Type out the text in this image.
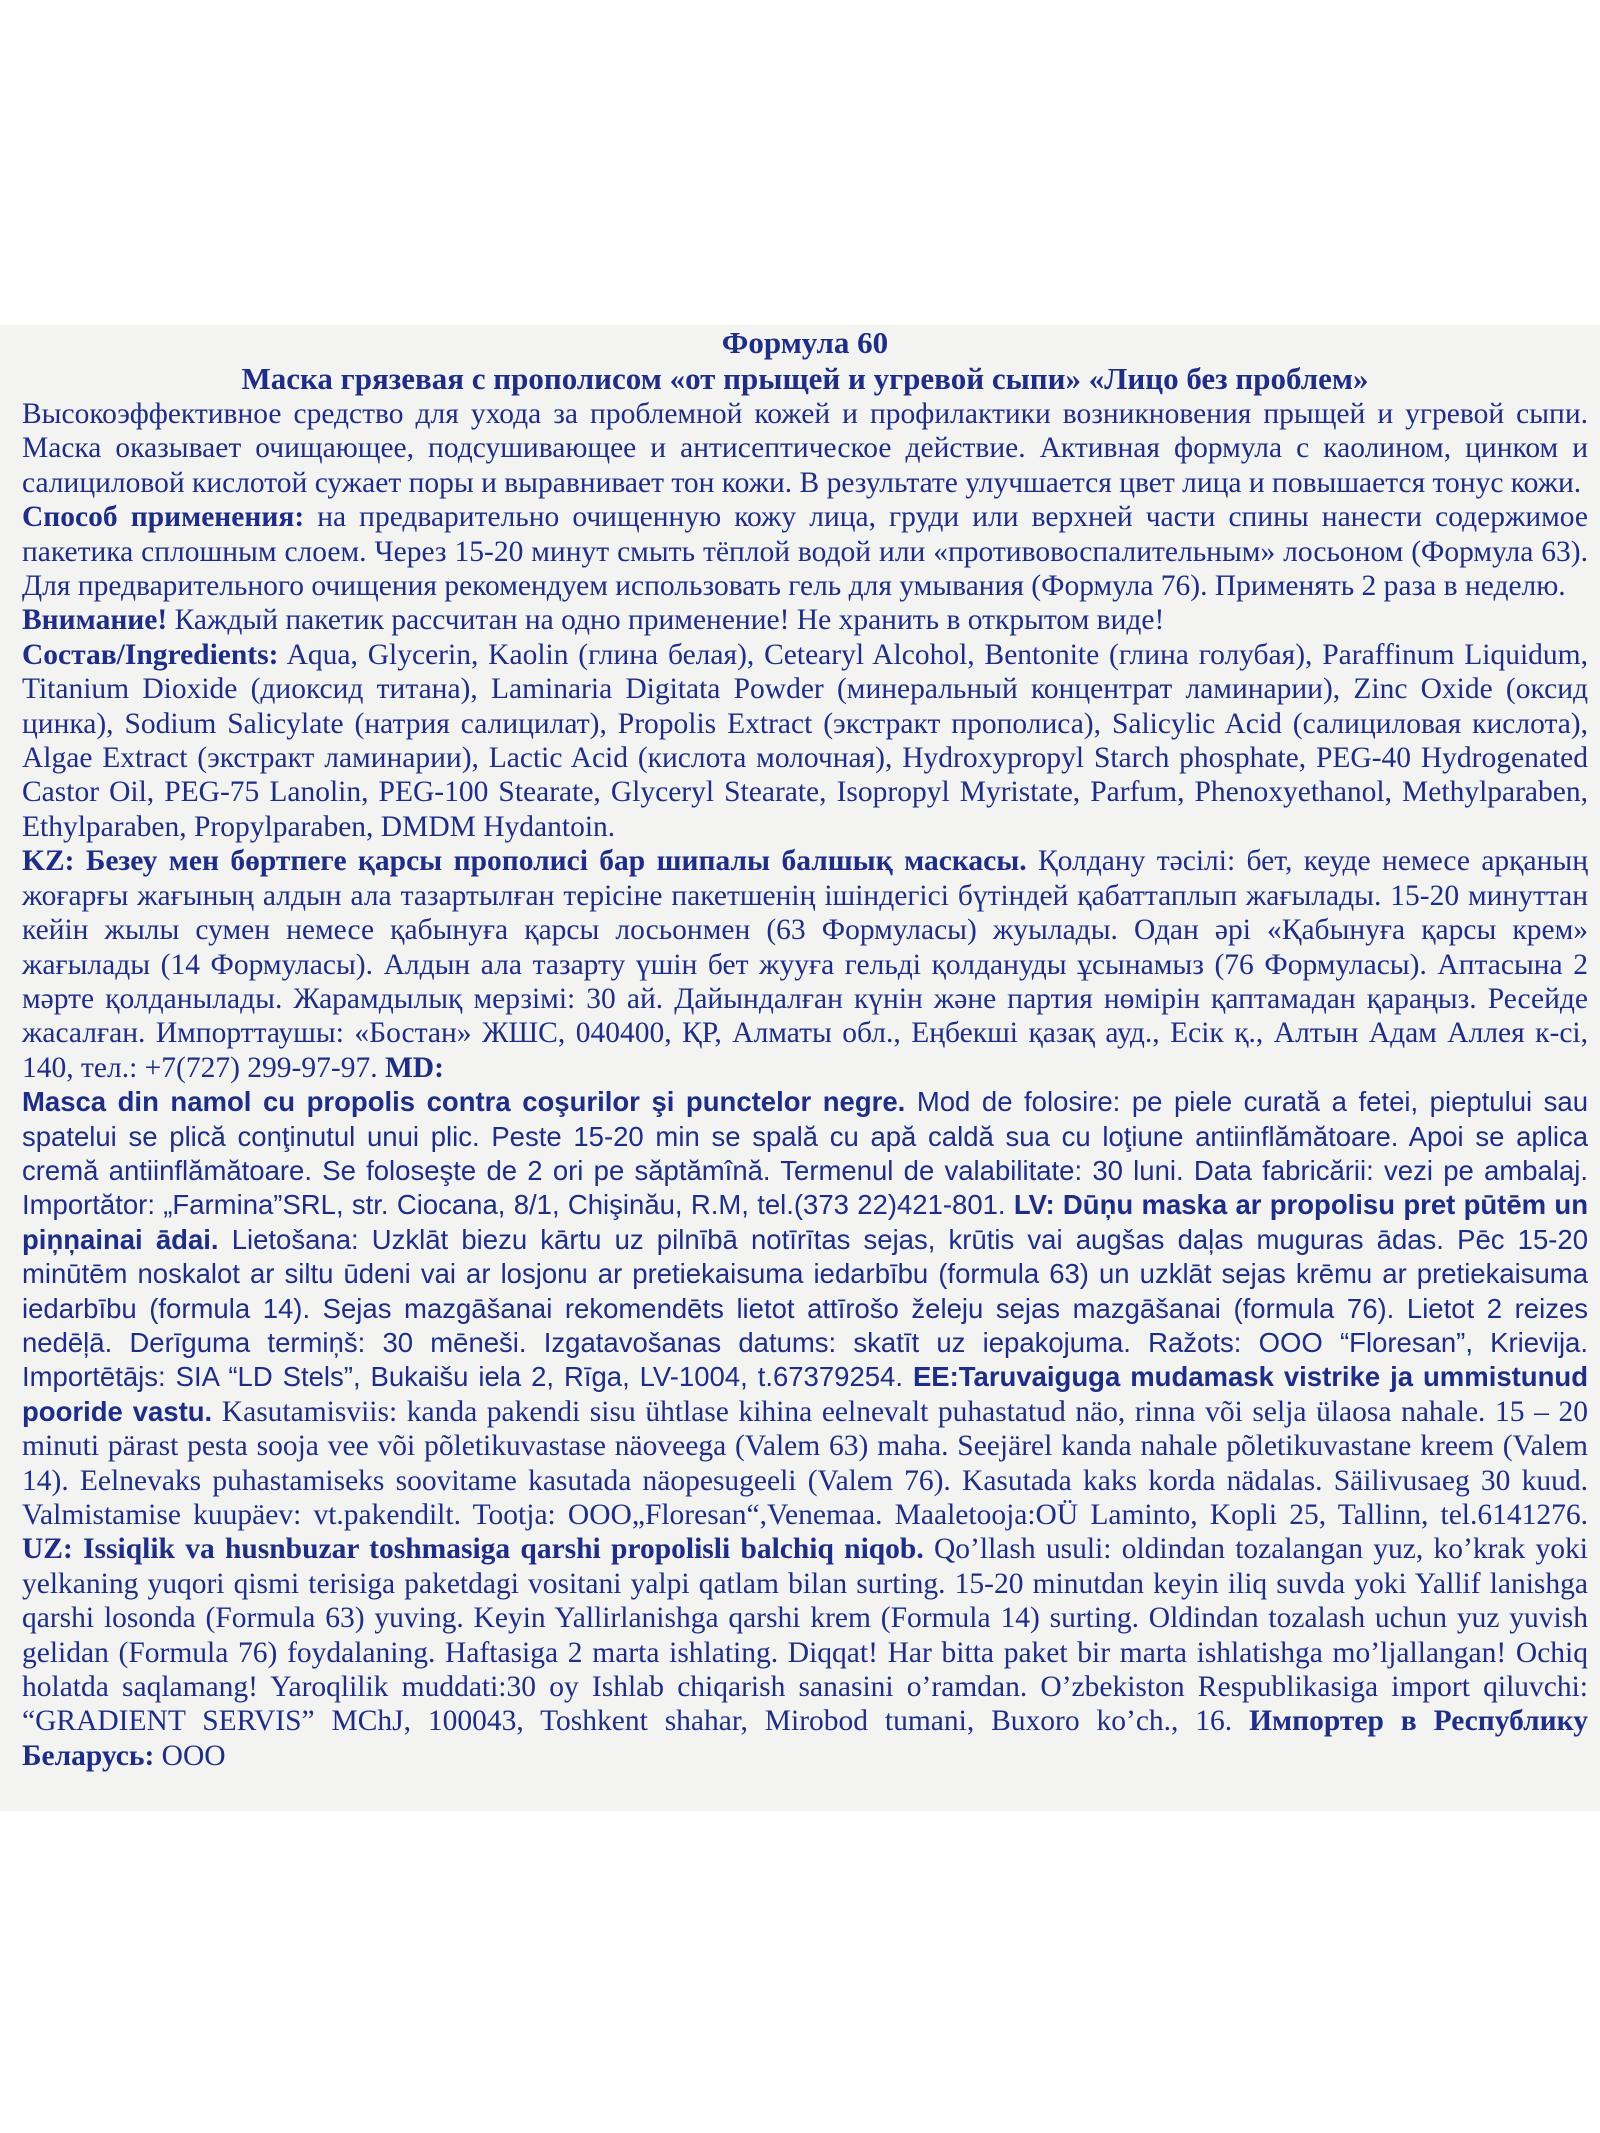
Формула 60

Маска грязевая с прополисом «от прыщей и угревой сыпи» «Лицо без проблем»

Высокоэффективное средство для ухода за проблемной кожей и профилактики возникновения прыщей и угревой сыпи. Маска оказывает очищающее, подсушивающее и антисептическое действие. Активная формула с каолином, цинком и салициловой кислотой сужает поры и выравнивает тон кожи. В результате улучшается цвет лица и повышается тонус кожи.

Способ применения: на предварительно очищенную кожу лица, груди или верхней части спины нанести содержимое пакетика сплошным слоем. Через 15-20 минут смыть тёплой водой или «противовоспалительным» лосьоном (Формула 63). Для предварительного очищения рекомендуем использовать гель для умывания (Формула 76). Применять 2 раза в неделю.

Внимание! Каждый пакетик рассчитан на одно применение! Не хранить в открытом виде!

Состав/Ingredients: Aqua, Glycerin, Kaolin (глина белая), Cetearyl Alcohol, Bentonite (глина голубая), Paraffinum Liquidum, Titanium Dioxide (диоксид титана), Laminaria Digitata Powder (минеральный концентрат ламинарии), Zinc Oxide (оксид цинка), Sodium Salicylate (натрия салицилат), Propolis Extract (экстракт прополиса), Salicylic Acid (салициловая кислота), Algae Extract (экстракт ламинарии), Lactic Acid (кислота молочная), Hydroxypropyl Starch phosphate, PEG-40 Hydrogenated Castor Oil, PEG-75 Lanolin, PEG-100 Stearate, Glyceryl Stearate, Isopropyl Myristate, Parfum, Phenoxyethanol, Methylparaben, Ethylparaben, Propylparaben, DMDM Hydantoin.

KZ: Безеу мен бөртпеге қарсы прополисі бар шипалы балшық маскасы. Қолдану тәсілі: бет, кеуде немесе арқаның жоғарғы жағының алдын ала тазартылған терісіне пакетшенің ішіндегісі бүтіндей қабаттаплып жағылады. 15-20 минуттан кейін жылы сумен немесе қабынуға қарсы лосьонмен (63 Формуласы) жуылады. Одан әрі «Қабынуға қарсы крем» жағылады (14 Формуласы). Алдын ала тазарту үшін бет жууға гельді қолдануды ұсынамыз (76 Формуласы). Аптасына 2 мәрте қолданылады. Жарамдылық мерзімі: 30 ай. Дайындалған күнін және партия нөмірін қаптамадан қараңыз. Ресейде жасалған. Импорттаушы: «Бостан» ЖШС, 040400, ҚР, Алматы обл., Еңбекші қазақ ауд., Есік қ., Алтын Адам Аллея к-сі, 140, тел.: +7(727) 299-97-97. MD:
Masca din namol cu propolis contra coşurilor şi punctelor negre. Mod de folosire: pe piele curată a fetei, pieptului sau spatelui se plică conţinutul unui plic. Peste 15-20 min se spală cu apă caldă sua cu loţiune antiinflămătoare. Apoi se aplica cremă antiinflămătoare. Se foloseşte de 2 ori pe săptămînă. Termenul de valabilitate: 30 luni. Data fabricării: vezi pe ambalaj. Importător: „Farmina”SRL, str. Ciocana, 8/1, Chişinău, R.M, tel.(373 22)421-801. LV: Dūņu maska ar propolisu pret pūtēm un piņņainai ādai. Lietošana: Uzklāt biezu kārtu uz pilnībā notīrītas sejas, krūtis vai augšas daļas muguras ādas. Pēc 15-20 minūtēm noskalot ar siltu ūdeni vai ar losjonu ar pretiekaisuma iedarbību (formula 63) un uzklāt sejas krēmu ar pretiekaisuma iedarbību (formula 14). Sejas mazgāšanai rekomendēts lietot attīrošo želeju sejas mazgāšanai (formula 76). Lietot 2 reizes nedēļā. Derīguma termiņš: 30 mēneši. Izgatavošanas datums: skatīt uz iepakojuma. Ražots: OOO “Floresan”, Krievija. Importētājs: SIA “LD Stels”, Bukaišu iela 2, Rīga, LV-1004, t.67379254. EE:Taruvaiguga mudamask vistrike ja ummistunud pooride vastu. Kasutamisviis: kanda pakendi sisu ühtlase kihina eelnevalt puhastatud näo, rinna või selja ülaosa nahale. 15 – 20 minuti pärast pesta sooja vee või põletikuvastase näoveega (Valem 63) maha. Seejärel kanda nahale põletikuvastane kreem (Valem 14). Eelnevaks puhastamiseks soovitame kasutada näopesugeeli (Valem 76). Kasutada kaks korda nädalas. Säilivusaeg 30 kuud. Valmistamise kuupäev: vt.pakendilt. Tootja: OOO„Floresan“,Venemaa. Maaletooja:OÜ Laminto, Kopli 25, Tallinn, tel.6141276. UZ: Issiqlik va husnbuzar toshmasiga qarshi propolisli balchiq niqob. Qo’llash usuli: oldindan tozalangan yuz, ko’krak yoki yelkaning yuqori qismi terisiga paketdagi vositani yalpi qatlam bilan surting. 15-20 minutdan keyin iliq suvda yoki Yallif lanishga qarshi losonda (Formula 63) yuving. Keyin Yallirlanishga qarshi krem (Formula 14) surting. Oldindan tozalash uchun yuz yuvish gelidan (Formula 76) foydalaning. Haftasiga 2 marta ishlating. Diqqat! Har bitta paket bir marta ishlatishga mo’ljallangan! Ochiq holatda saqlamang! Yaroqlilik muddati:30 oy Ishlab chiqarish sanasini o’ramdan. O’zbekiston Respublikasiga import qiluvchi: “GRADIENT SERVIS” MChJ, 100043, Toshkent shahar, Mirobod tumani, Buxoro ko’ch., 16. Импортер в Республику Беларусь: ООО
